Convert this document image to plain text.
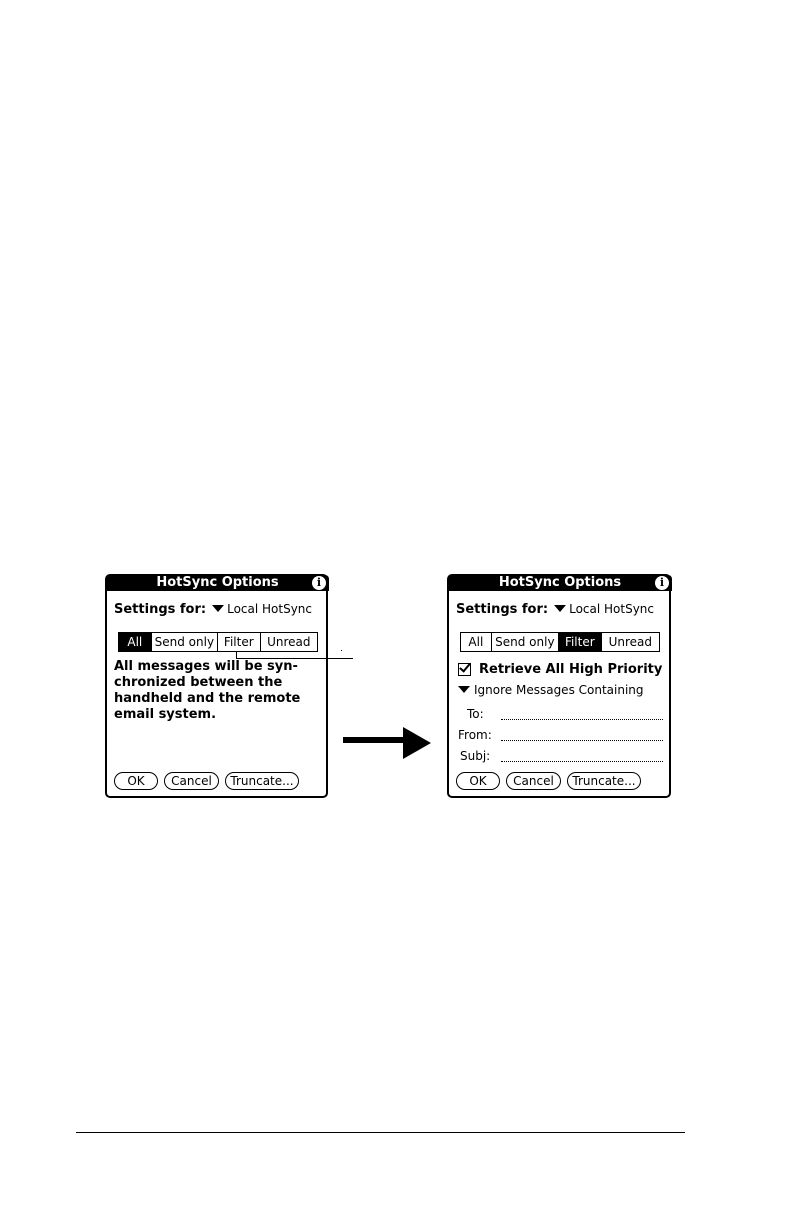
HotSync Options	i
Settings for: Local HotSync
All	Send only Filter	Unread
All messages will be syn-
chronized between the
handheld and the remote
email system.
OK	Cancel	Truncate...
HotSync Options	i
Settings for: Local HotSync
All Send only Filter	Unread
Retrieve All High Priority
Ignore Messages Containing
To:
From:
Subj:
OK	Cancel	Truncate...
